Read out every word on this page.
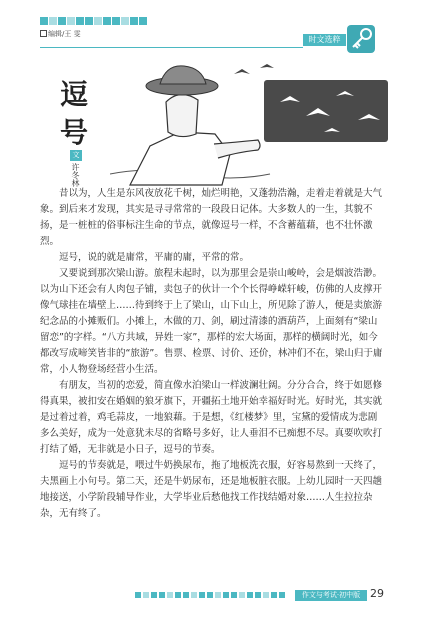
编辑/王 雯
时文选粹
逗
号
文
许冬林

昔以为，人生是东风夜放花千树，灿烂明艳，又蓬勃浩瀚，走着走着就是大气象。到后来才发现，其实是寻寻常常的一段段日记体。大多数人的一生，其貌不扬，是一桩桩的俗事标注生命的节点，就像逗号一样，不含蓄蕴藉，也不壮怀激烈。

逗号，说的就是庸常，平庸的庸，平常的常。

又要说到那次梁山游。旅程未起时，以为那里会是崇山峻岭，会是烟波浩渺。以为山下还会有人肉包子铺，卖包子的伙计一个个长得峥嵘轩峻，仿佛的人皮撑开像气球挂在墙壁上……待到终于上了梁山，山下山上，所见除了游人，便是卖旅游纪念品的小摊贩们。小摊上，木做的刀、剑，刷过清漆的酒葫芦，上面刻有“梁山留恋”的字样。“八方共域，异姓一家”，那样的宏大场面，那样的横阔时光，如今都改写成啼笑皆非的“旅游”。售票、检票、讨价、还价，林冲们不在，梁山归于庸常，小人物登场经营小生活。

有朋友，当初的恋爱，简直像水泊梁山一样波澜壮阔。分分合合，终于如愿修得真果，被扣安在婚姻的狼牙旗下，开疆拓土地开始幸福好时光。好时光，其实就是过着过着，鸡毛蒜皮，一地狼藉。于是想，《红楼梦》里，宝黛的爱情成为悲剧多么美好，成为一处意犹未尽的省略号多好，让人垂泪不已痴想不尽。真要吹吹打打结了婚，无非就是小日子，逗号的节奏。

逗号的节奏就是，喂过牛奶换尿布，拖了地板洗衣服，好容易熬到一天终了，夫黑画上小句号。第二天，还是牛奶尿布，还是地板脏衣服。上幼儿园时一天四趟地接送，小学阶段辅导作业，大学毕业后愁他找工作找结婚对象……人生拉拉杂杂，无有终了。

作文与考试·初中版 29
